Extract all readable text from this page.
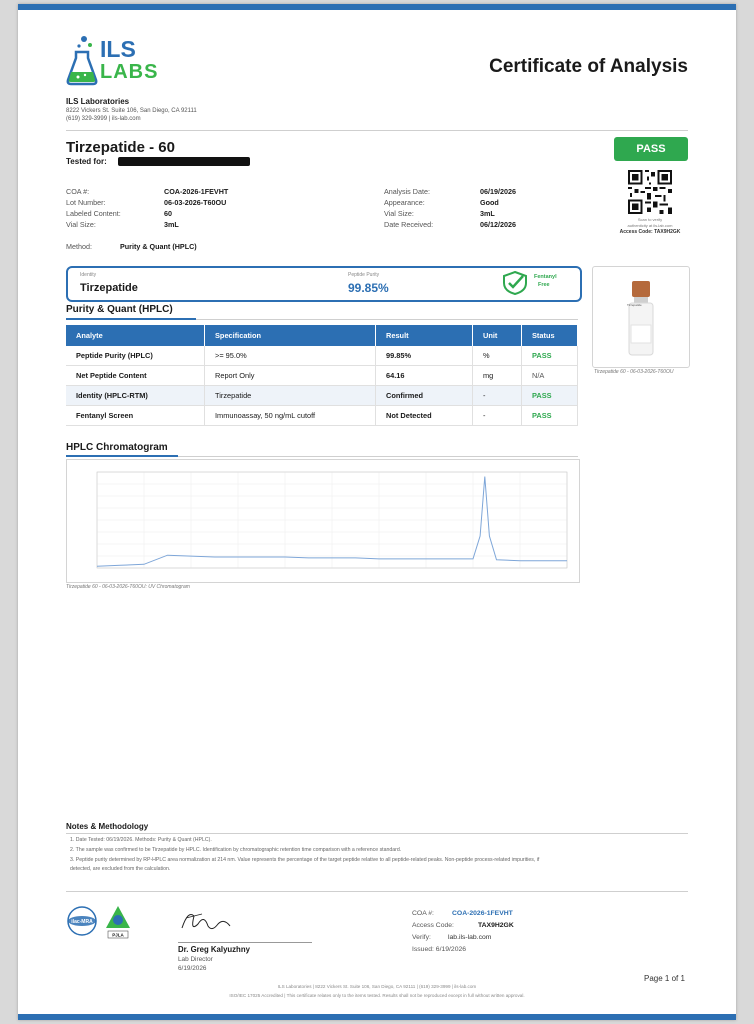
ILS
LABS	Certificate of Analysis
ILS Laboratories
8222 Vickers St. Suite 106, San Diego, CA 92111
(619) 329-3999 | ils-lab.com
Tirzepatide - 60
Tested for:
PASS
COA #:	COA-2026-1FEVHT
Lot Number:	06-03-2026-T60OU
Labeled Content:	60
Vial Size:	3mL
Analysis Date:	06/19/2026
Appearance:	Good
Vial Size:	3mL
Date Received:	06/12/2026
Method:	Purity & Quant (HPLC)
Scan to verify
authenticity at ils-lab.com
Access Code: TAX9H2GK
Identity
Tirzepatide
Peptide Purity
99.85%
Fentanyl
Free
Tirzepatide
Tirzepatide 60 - 06-03-2026-T60OU
Purity & Quant (HPLC)
Analyte	Specification	Result	Unit	Status
Peptide Purity (HPLC)	>= 95.0%	99.85%	%	PASS
Net Peptide Content	Report Only	64.16	mg	N/A
Identity (HPLC-RTM)	Tirzepatide	Confirmed	-	PASS
Fentanyl Screen	Immunoassay, 50 ng/mL cutoff	Not Detected	-	PASS
HPLC Chromatogram
Tirzepatide 60 - 06-03-2026-T60OU: UV Chromatogram
Notes & Methodology
1. Date Tested: 06/19/2026. Methods: Purity & Quant (HPLC).
2. The sample was confirmed to be Tirzepatide by HPLC. Identification by chromatographic retention time comparison with a reference standard.
3. Peptide purity determined by RP-HPLC area normalization at 214 nm. Value represents the percentage of the target peptide relative to all peptide-related peaks. Non-peptide process-related impurities, if
detected, are excluded from the calculation.
ilac-MRA
PJLA
Dr. Greg Kalyuzhny
Lab Director
6/19/2026
COA #:	COA-2026-1FEVHT
Access Code:	TAX9H2GK
Verify:	lab.ils-lab.com
Issued: 6/19/2026
Page 1 of 1
ILS Laboratories | 8222 Vickers St. Suite 106, San Diego, CA 92111 | (619) 329-3999 | ils-lab.com
ISO/IEC 17025 Accredited | This certificate relates only to the items tested. Results shall not be reproduced except in full without written approval.
